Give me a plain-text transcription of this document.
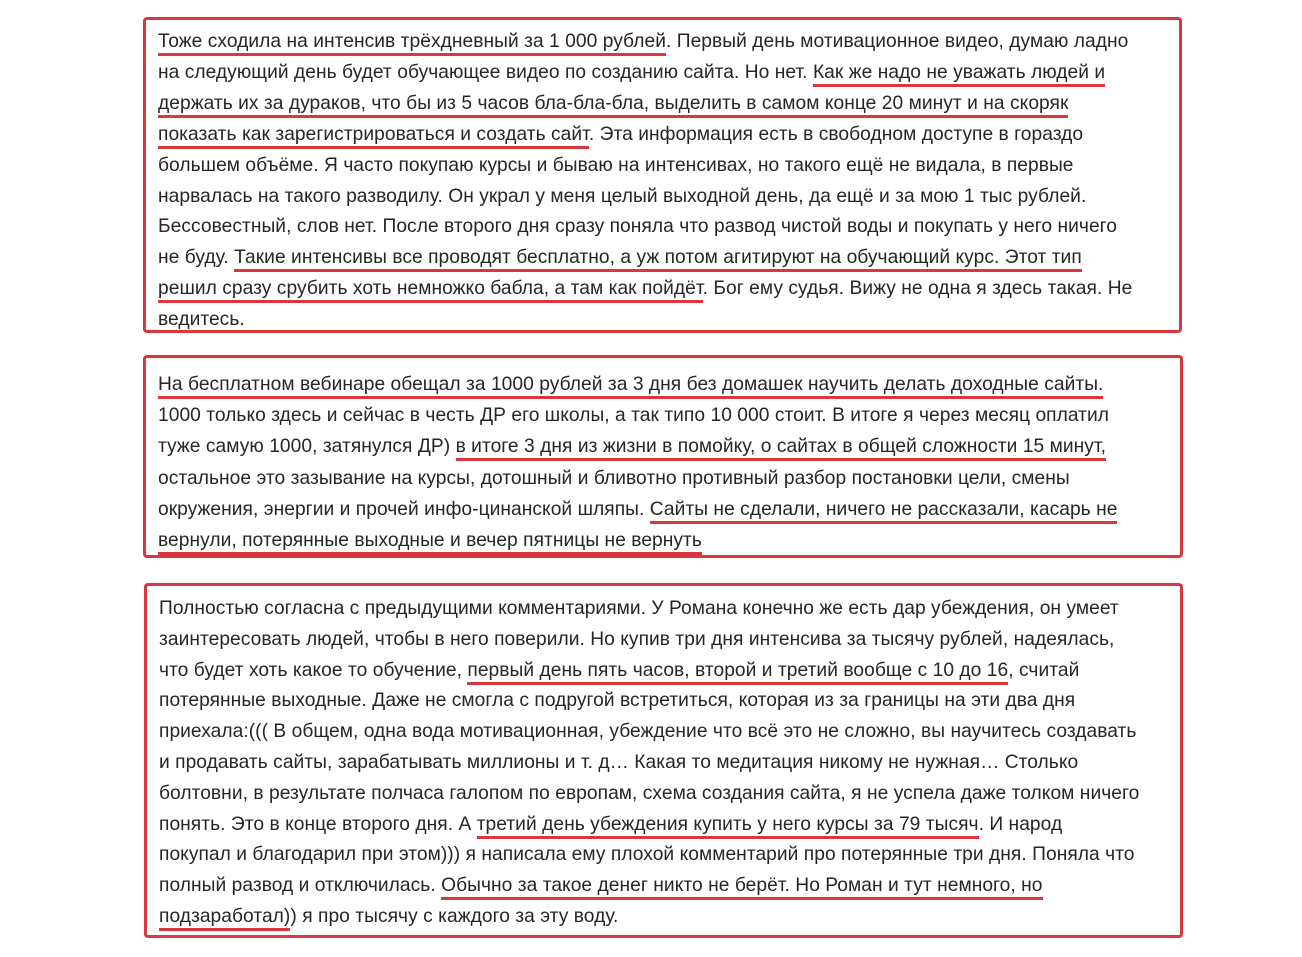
Тоже сходила на интенсив трёхдневный за 1 000 рублей. Первый день мотивационное видео, думаю ладно
на следующий день будет обучающее видео по созданию сайта. Но нет. Как же надо не уважать людей и
держать их за дураков, что бы из 5 часов бла-бла-бла, выделить в самом конце 20 минут и на скоряк
показать как зарегистрироваться и создать сайт. Эта информация есть в свободном доступе в гораздо
большем объёме. Я часто покупаю курсы и бываю на интенсивах, но такого ещё не видала, в первые
нарвалась на такого разводилу. Он украл у меня целый выходной день, да ещё и за мою 1 тыс рублей.
Бессовестный, слов нет. После второго дня сразу поняла что развод чистой воды и покупать у него ничего
не буду. Такие интенсивы все проводят бесплатно, а уж потом агитируют на обучающий курс. Этот тип
решил сразу срубить хоть немножко бабла, а там как пойдёт. Бог ему судья. Вижу не одна я здесь такая. Не
ведитесь.
На бесплатном вебинаре обещал за 1000 рублей за 3 дня без домашек научить делать доходные сайты.
1000 только здесь и сейчас в честь ДР его школы, а так типо 10 000 стоит. В итоге я через месяц оплатил
туже самую 1000, затянулся ДР) в итоге 3 дня из жизни в помойку, о сайтах в общей сложности 15 минут,
остальное это зазывание на курсы, дотошный и бливотно противный разбор постановки цели, смены
окружения, энергии и прочей инфо-цинанской шляпы. Сайты не сделали, ничего не рассказали, касарь не
вернули, потерянные выходные и вечер пятницы не вернуть
Полностью согласна с предыдущими комментариями. У Романа конечно же есть дар убеждения, он умеет
заинтересовать людей, чтобы в него поверили. Но купив три дня интенсива за тысячу рублей, надеялась,
что будет хоть какое то обучение, первый день пять часов, второй и третий вообще с 10 до 16, считай
потерянные выходные. Даже не смогла с подругой встретиться, которая из за границы на эти два дня
приехала:((( В общем, одна вода мотивационная, убеждение что всё это не сложно, вы научитесь создавать
и продавать сайты, зарабатывать миллионы и т. д… Какая то медитация никому не нужная… Столько
болтовни, в результате полчаса галопом по европам, схема создания сайта, я не успела даже толком ничего
понять. Это в конце второго дня. А третий день убеждения купить у него курсы за 79 тысяч. И народ
покупал и благодарил при этом))) я написала ему плохой комментарий про потерянные три дня. Поняла что
полный развод и отключилась. Обычно за такое денег никто не берёт. Но Роман и тут немного, но
подзаработал)) я про тысячу с каждого за эту воду.
